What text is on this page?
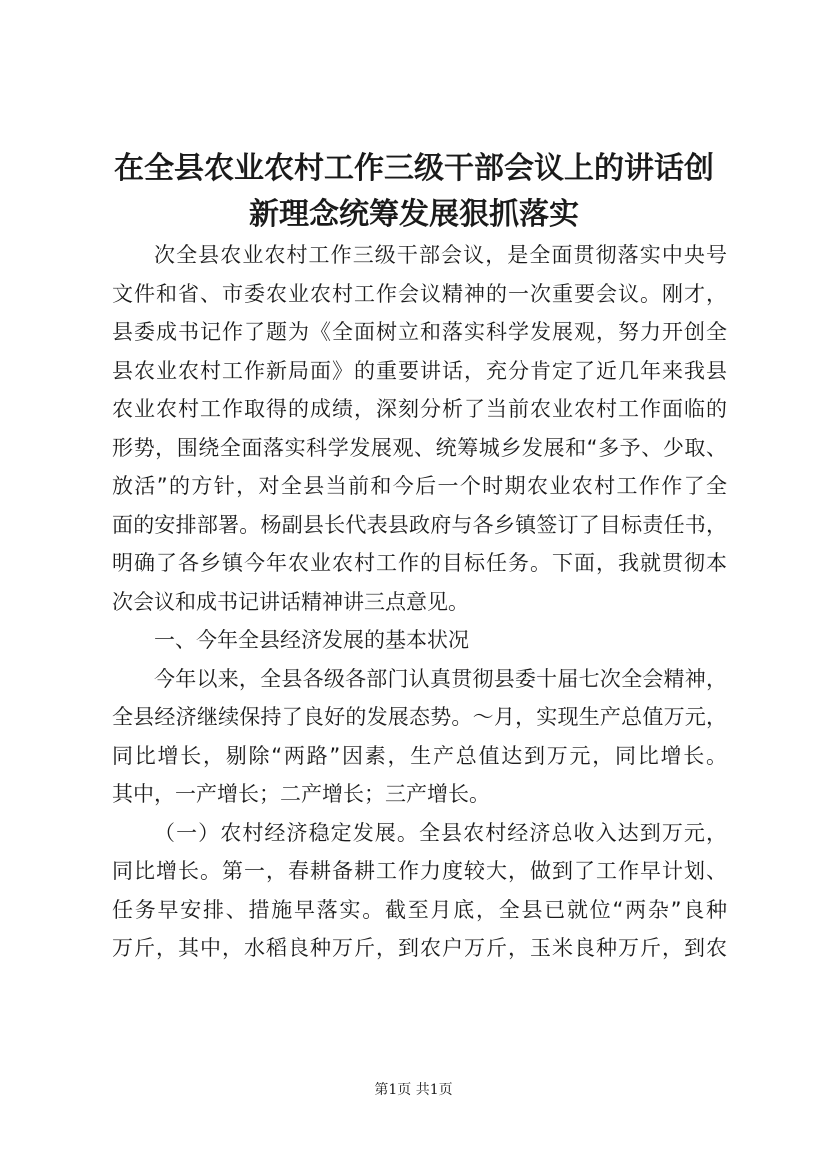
在全县农业农村工作三级干部会议上的讲话创
新理念统筹发展狠抓落实
次全县农业农村工作三级干部会议，是全面贯彻落实中央号
文件和省、市委农业农村工作会议精神的一次重要会议。刚才，
县委成书记作了题为《全面树立和落实科学发展观，努力开创全
县农业农村工作新局面》的重要讲话，充分肯定了近几年来我县
农业农村工作取得的成绩，深刻分析了当前农业农村工作面临的
形势，围绕全面落实科学发展观、统筹城乡发展和“多予、少取、
放活”的方针，对全县当前和今后一个时期农业农村工作作了全
面的安排部署。杨副县长代表县政府与各乡镇签订了目标责任书，
明确了各乡镇今年农业农村工作的目标任务。下面，我就贯彻本
次会议和成书记讲话精神讲三点意见。
一、今年全县经济发展的基本状况
今年以来，全县各级各部门认真贯彻县委十届七次全会精神，
全县经济继续保持了良好的发展态势。～月，实现生产总值万元，
同比增长，剔除“两路”因素，生产总值达到万元，同比增长。
其中，一产增长；二产增长；三产增长。
（一）农村经济稳定发展。全县农村经济总收入达到万元，
同比增长。第一，春耕备耕工作力度较大，做到了工作早计划、
任务早安排、措施早落实。截至月底，全县已就位“两杂”良种
万斤，其中，水稻良种万斤，到农户万斤，玉米良种万斤，到农
第1页 共1页
